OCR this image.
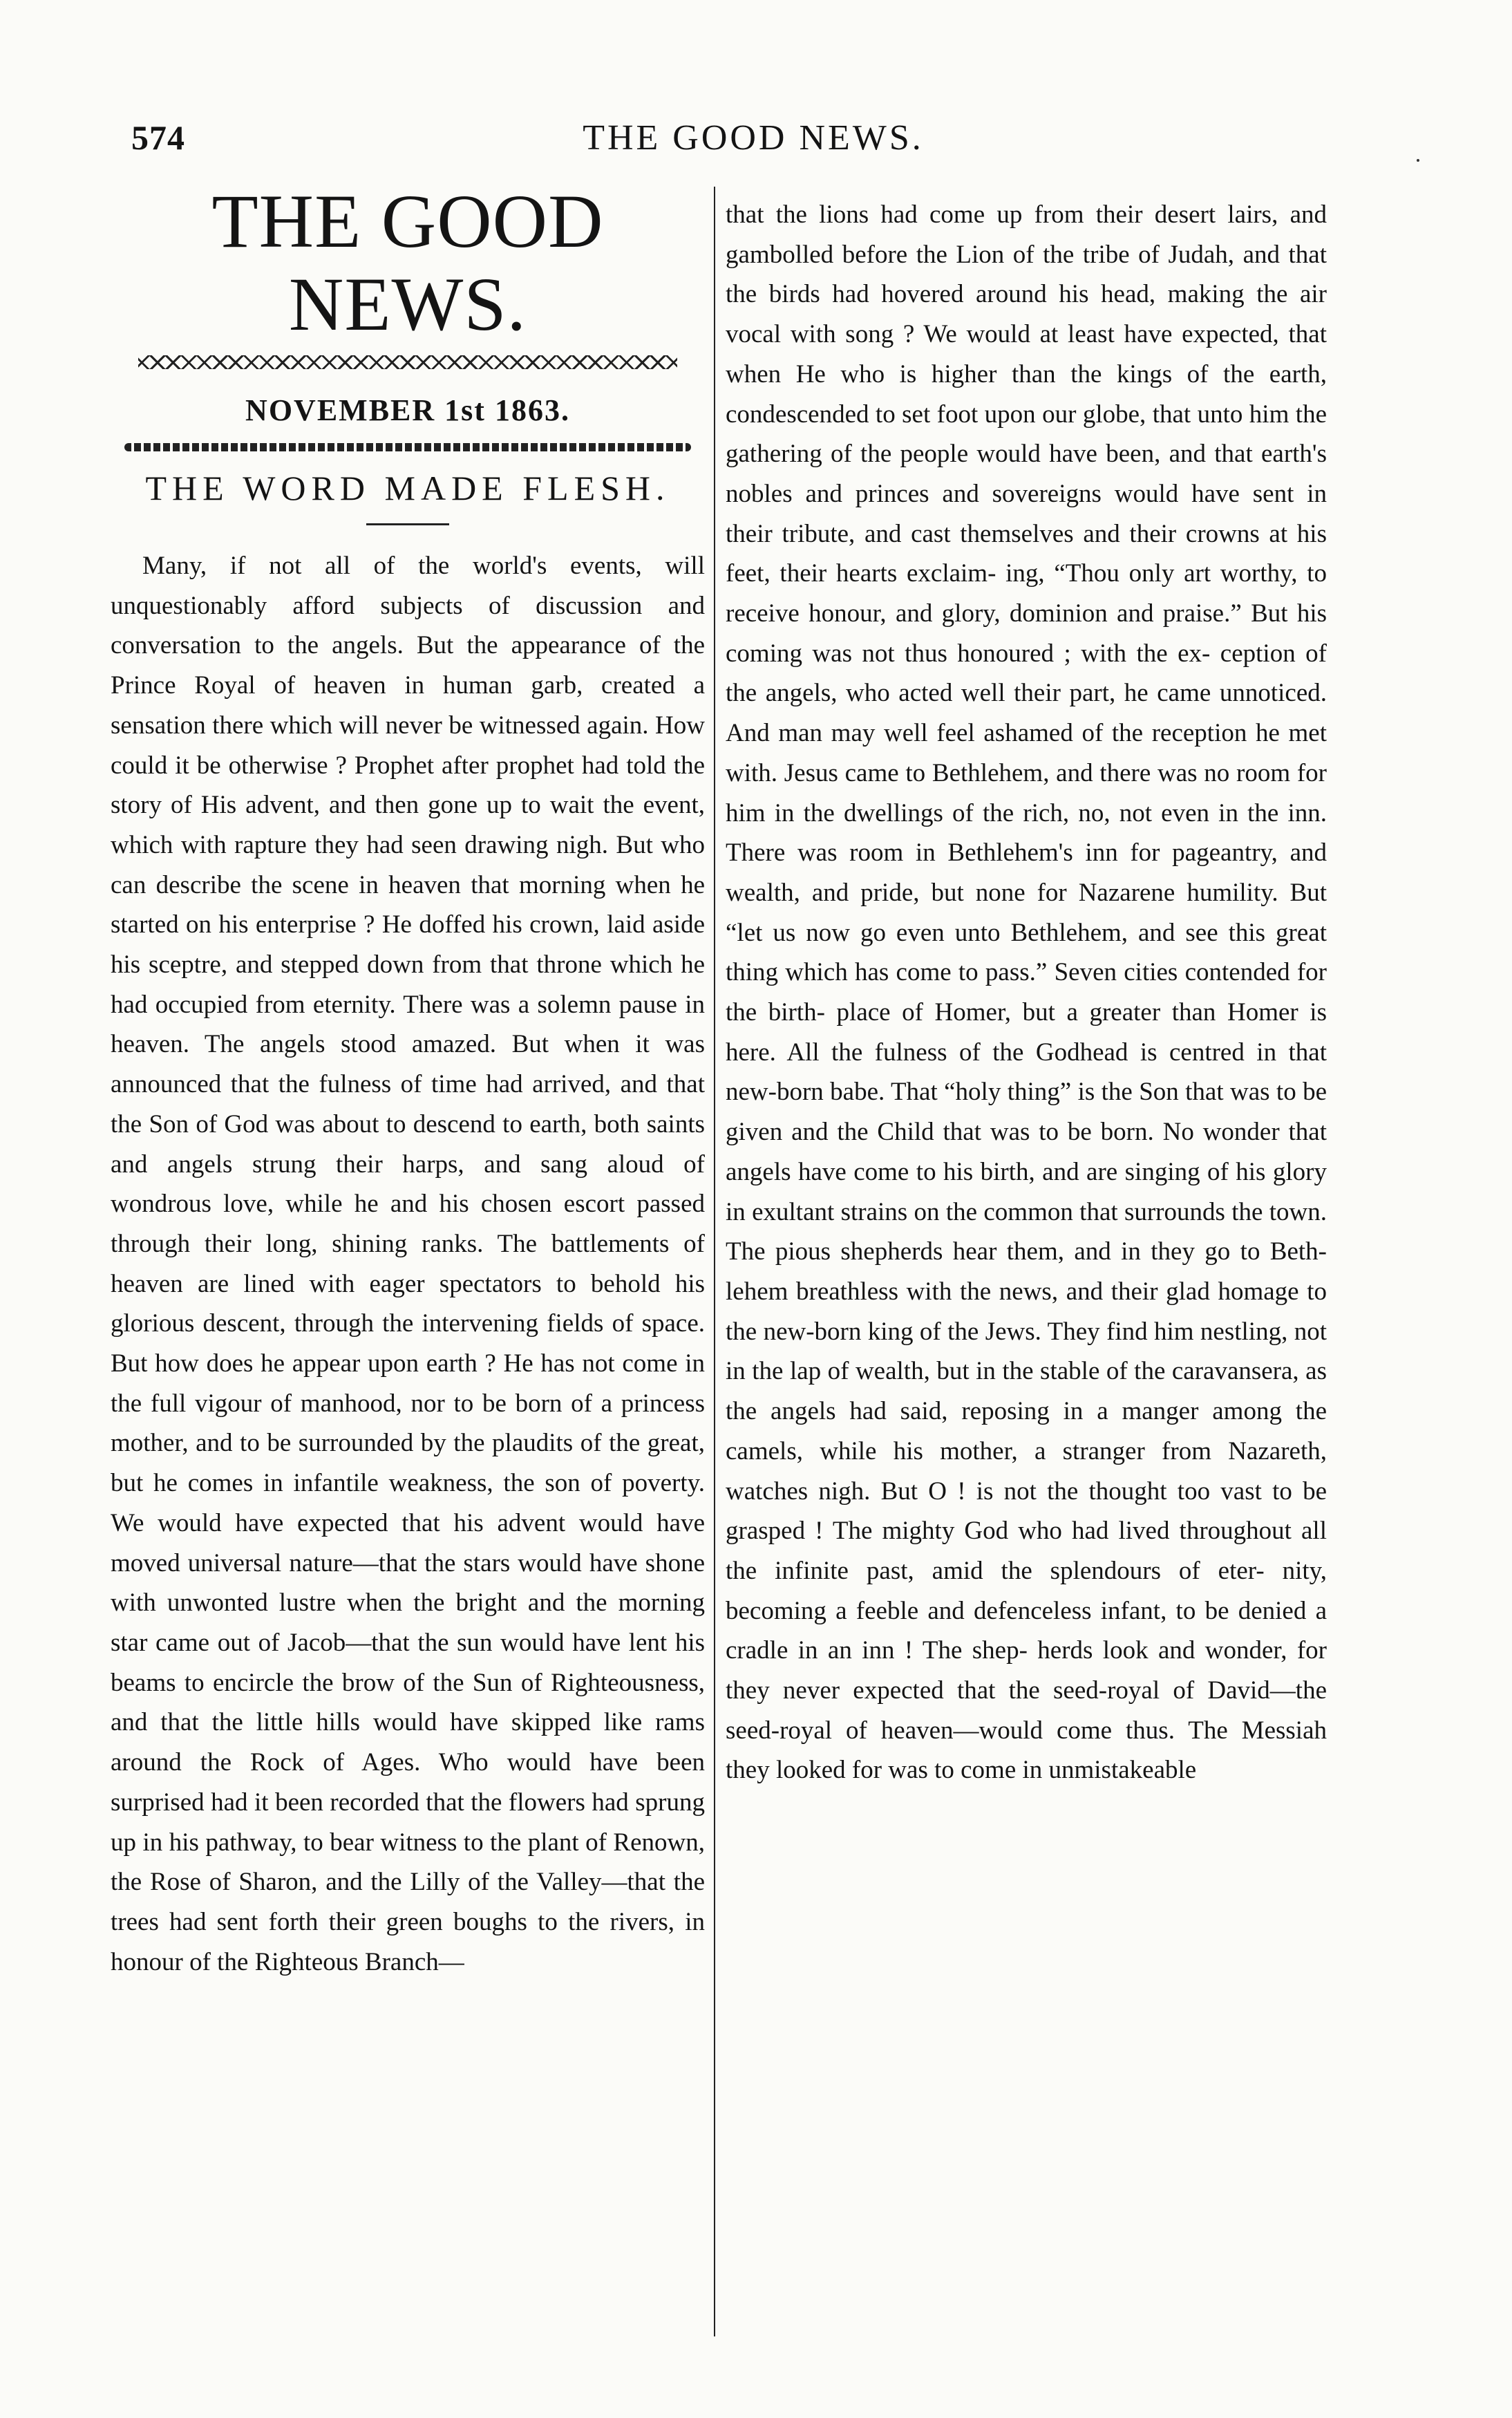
574	THE GOOD NEWS.
THE GOOD NEWS.
NOVEMBER 1st 1863.
THE WORD MADE FLESH.

Many, if not all of the world's events, will unquestionably afford subjects of discussion and conversation to the angels. But the appearance of the Prince Royal of heaven in human garb, created a sensation there which will never be witnessed again. How could it be otherwise ? Prophet after prophet had told the story of His advent, and then gone up to wait the event, which with rapture they had seen drawing nigh. But who can describe the scene in heaven that morning when he started on his enterprise ? He doffed his crown, laid aside his sceptre, and stepped down from that throne which he had occupied from eternity. There was a solemn pause in heaven. The angels stood amazed. But when it was announced that the fulness of time had arrived, and that the Son of God was about to descend to earth, both saints and angels strung their harps, and sang aloud of wondrous love, while he and his chosen escort passed through their long, shining ranks. The battlements of heaven are lined with eager spectators to behold his glorious descent, through the intervening fields of space. But how does he appear upon earth ? He has not come in the full vigour of manhood, nor to be born of a princess mother, and to be surrounded by the plaudits of the great, but he comes in infantile weakness, the son of poverty. We would have expected that his advent would have moved universal nature—that the stars would have shone with unwonted lustre when the bright and the morning star came out of Jacob—that the sun would have lent his beams to encircle the brow of the Sun of Righteousness, and that the little hills would have skipped like rams around the Rock of Ages. Who would have been surprised had it been recorded that the flowers had sprung up in his pathway, to bear witness to the plant of Renown, the Rose of Sharon, and the Lilly of the Valley—that the trees had sent forth their green boughs to the rivers, in honour of the Righteous Branch—

that the lions had come up from their desert lairs, and gambolled before the Lion of the tribe of Judah, and that the birds had hovered around his head, making the air vocal with song ? We would at least have expected, that when He who is higher than the kings of the earth, condescended to set foot upon our globe, that unto him the gathering of the people would have been, and that earth's nobles and princes and sovereigns would have sent in their tribute, and cast themselves and their crowns at his feet, their hearts exclaim- ing, “Thou only art worthy, to receive honour, and glory, dominion and praise.” But his coming was not thus honoured ; with the ex- ception of the angels, who acted well their part, he came unnoticed. And man may well feel ashamed of the reception he met with. Jesus came to Bethlehem, and there was no room for him in the dwellings of the rich, no, not even in the inn. There was room in Bethlehem's inn for pageantry, and wealth, and pride, but none for Nazarene humility. But “let us now go even unto Bethlehem, and see this great thing which has come to pass.” Seven cities contended for the birth- place of Homer, but a greater than Homer is here. All the fulness of the Godhead is centred in that new-born babe. That “holy thing” is the Son that was to be given and the Child that was to be born. No wonder that angels have come to his birth, and are singing of his glory in exultant strains on the common that surrounds the town. The pious shepherds hear them, and in they go to Beth- lehem breathless with the news, and their glad homage to the new-born king of the Jews. They find him nestling, not in the lap of wealth, but in the stable of the caravansera, as the angels had said, reposing in a manger among the camels, while his mother, a stranger from Nazareth, watches nigh. But O ! is not the thought too vast to be grasped ! The mighty God who had lived throughout all the infinite past, amid the splendours of eter- nity, becoming a feeble and defenceless infant, to be denied a cradle in an inn ! The shep- herds look and wonder, for they never expected that the seed-royal of David—the seed-royal of heaven—would come thus. The Messiah they looked for was to come in unmistakeable
